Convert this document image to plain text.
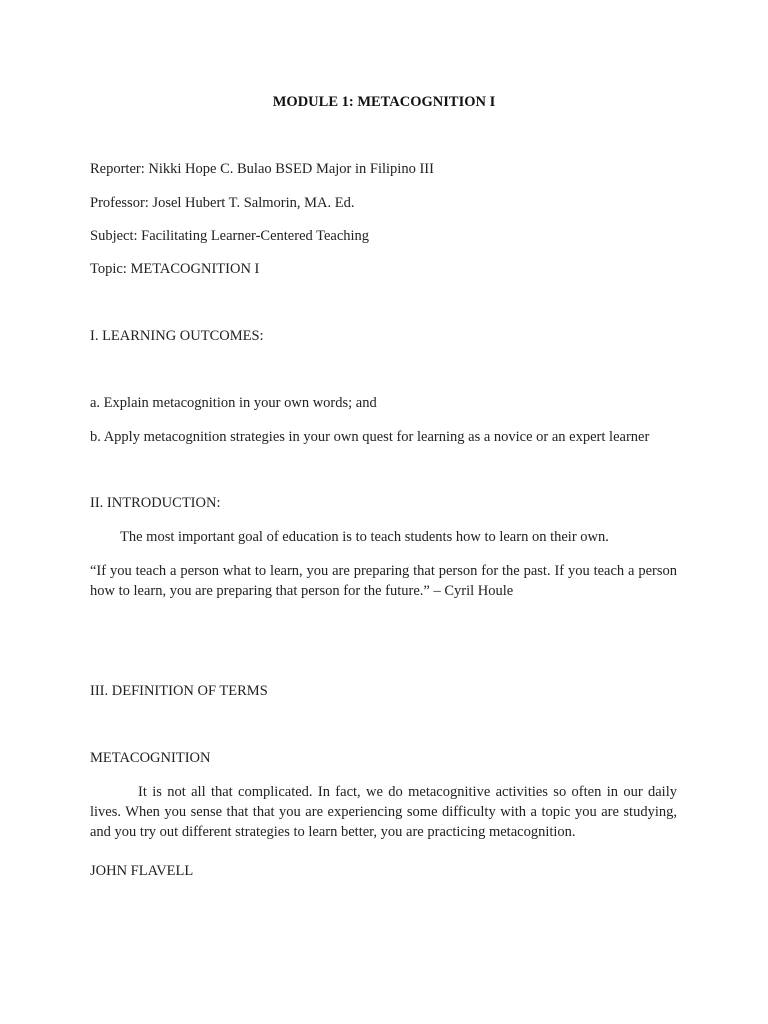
MODULE 1: METACOGNITION I
Reporter: Nikki Hope C. Bulao BSED Major in Filipino III
Professor: Josel Hubert T. Salmorin, MA. Ed.
Subject: Facilitating Learner-Centered Teaching
Topic: METACOGNITION I
I. LEARNING OUTCOMES:
a. Explain metacognition in your own words; and
b. Apply metacognition strategies in your own quest for learning as a novice or an expert learner
II. INTRODUCTION:
The most important goal of education is to teach students how to learn on their own.
“If you teach a person what to learn, you are preparing that person for the past. If you teach a person how to learn, you are preparing that person for the future.” – Cyril Houle
III. DEFINITION OF TERMS
METACOGNITION
It is not all that complicated. In fact, we do metacognitive activities so often in our daily lives. When you sense that that you are experiencing some difficulty with a topic you are studying, and you try out different strategies to learn better, you are practicing metacognition.
JOHN FLAVELL
